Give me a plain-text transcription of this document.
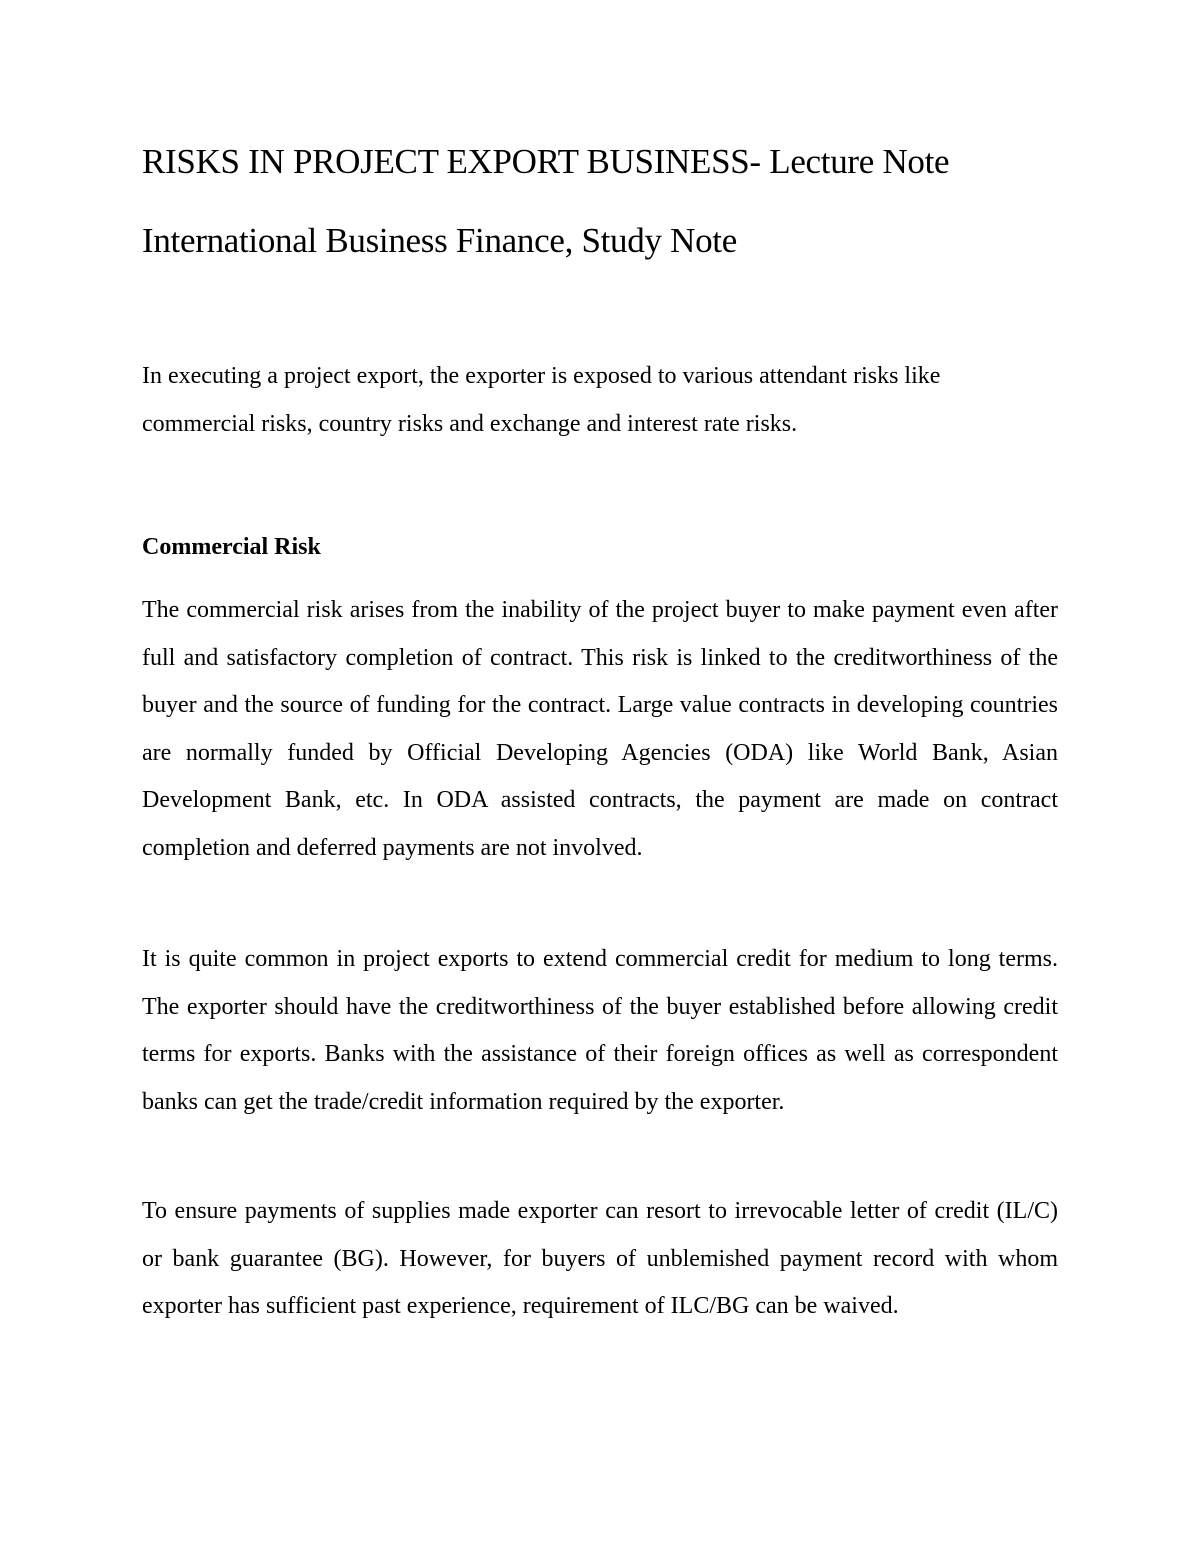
RISKS IN PROJECT EXPORT BUSINESS- Lecture Note
International Business Finance, Study Note

In executing a project export, the exporter is exposed to various attendant risks like commercial risks, country risks and exchange and interest rate risks.

Commercial Risk

The commercial risk arises from the inability of the project buyer to make payment even after full and satisfactory completion of contract. This risk is linked to the creditworthiness of the buyer and the source of funding for the contract. Large value contracts in developing countries are normally funded by Official Developing Agencies (ODA) like World Bank, Asian Development Bank, etc. In ODA assisted contracts, the payment are made on contract completion and deferred payments are not involved.

It is quite common in project exports to extend commercial credit for medium to long terms. The exporter should have the creditworthiness of the buyer established before allowing credit terms for exports. Banks with the assistance of their foreign offices as well as correspondent banks can get the trade/credit information required by the exporter.

To ensure payments of supplies made exporter can resort to irrevocable letter of credit (IL/C) or bank guarantee (BG). However, for buyers of unblemished payment record with whom exporter has sufficient past experience, requirement of ILC/BG can be waived.
